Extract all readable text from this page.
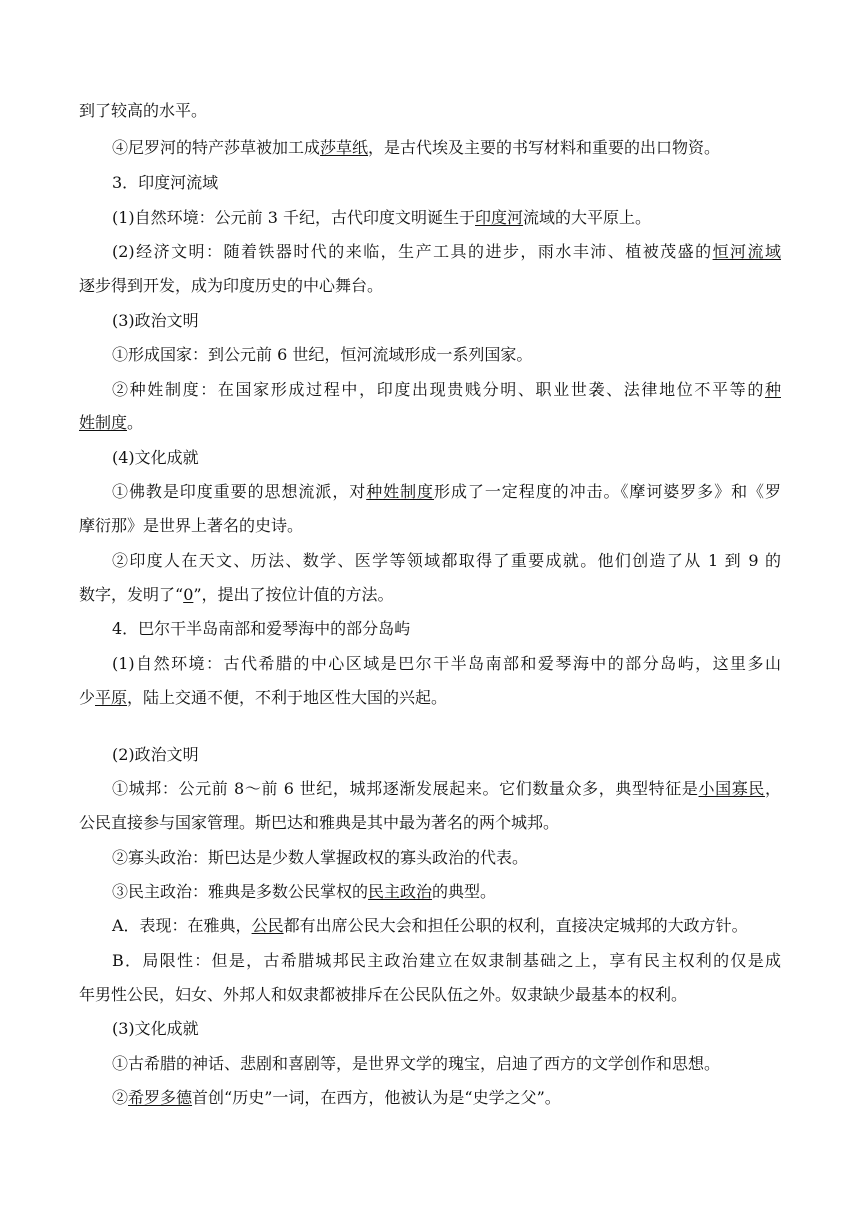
到了较高的水平。
④尼罗河的特产莎草被加工成莎草纸，是古代埃及主要的书写材料和重要的出口物资。
3．印度河流域
(1)自然环境：公元前 3 千纪，古代印度文明诞生于印度河流域的大平原上。
(2)经济文明：随着铁器时代的来临，生产工具的进步，雨水丰沛、植被茂盛的恒河流域
逐步得到开发，成为印度历史的中心舞台。
(3)政治文明
①形成国家：到公元前 6 世纪，恒河流域形成一系列国家。
②种姓制度：在国家形成过程中，印度出现贵贱分明、职业世袭、法律地位不平等的种
姓制度。
(4)文化成就
①佛教是印度重要的思想流派，对种姓制度形成了一定程度的冲击。《摩诃婆罗多》和《罗
摩衍那》是世界上著名的史诗。
②印度人在天文、历法、数学、医学等领域都取得了重要成就。他们创造了从 1 到 9 的
数字，发明了“0”，提出了按位计值的方法。
4．巴尔干半岛南部和爱琴海中的部分岛屿
(1)自然环境：古代希腊的中心区域是巴尔干半岛南部和爱琴海中的部分岛屿，这里多山
少平原，陆上交通不便，不利于地区性大国的兴起。
(2)政治文明
①城邦：公元前 8～前 6 世纪，城邦逐渐发展起来。它们数量众多，典型特征是小国寡民，
公民直接参与国家管理。斯巴达和雅典是其中最为著名的两个城邦。
②寡头政治：斯巴达是少数人掌握政权的寡头政治的代表。
③民主政治：雅典是多数公民掌权的民主政治的典型。
A．表现：在雅典，公民都有出席公民大会和担任公职的权利，直接决定城邦的大政方针。
B．局限性：但是，古希腊城邦民主政治建立在奴隶制基础之上，享有民主权利的仅是成
年男性公民，妇女、外邦人和奴隶都被排斥在公民队伍之外。奴隶缺少最基本的权利。
(3)文化成就
①古希腊的神话、悲剧和喜剧等，是世界文学的瑰宝，启迪了西方的文学创作和思想。
②希罗多德首创“历史”一词，在西方，他被认为是“史学之父”。
